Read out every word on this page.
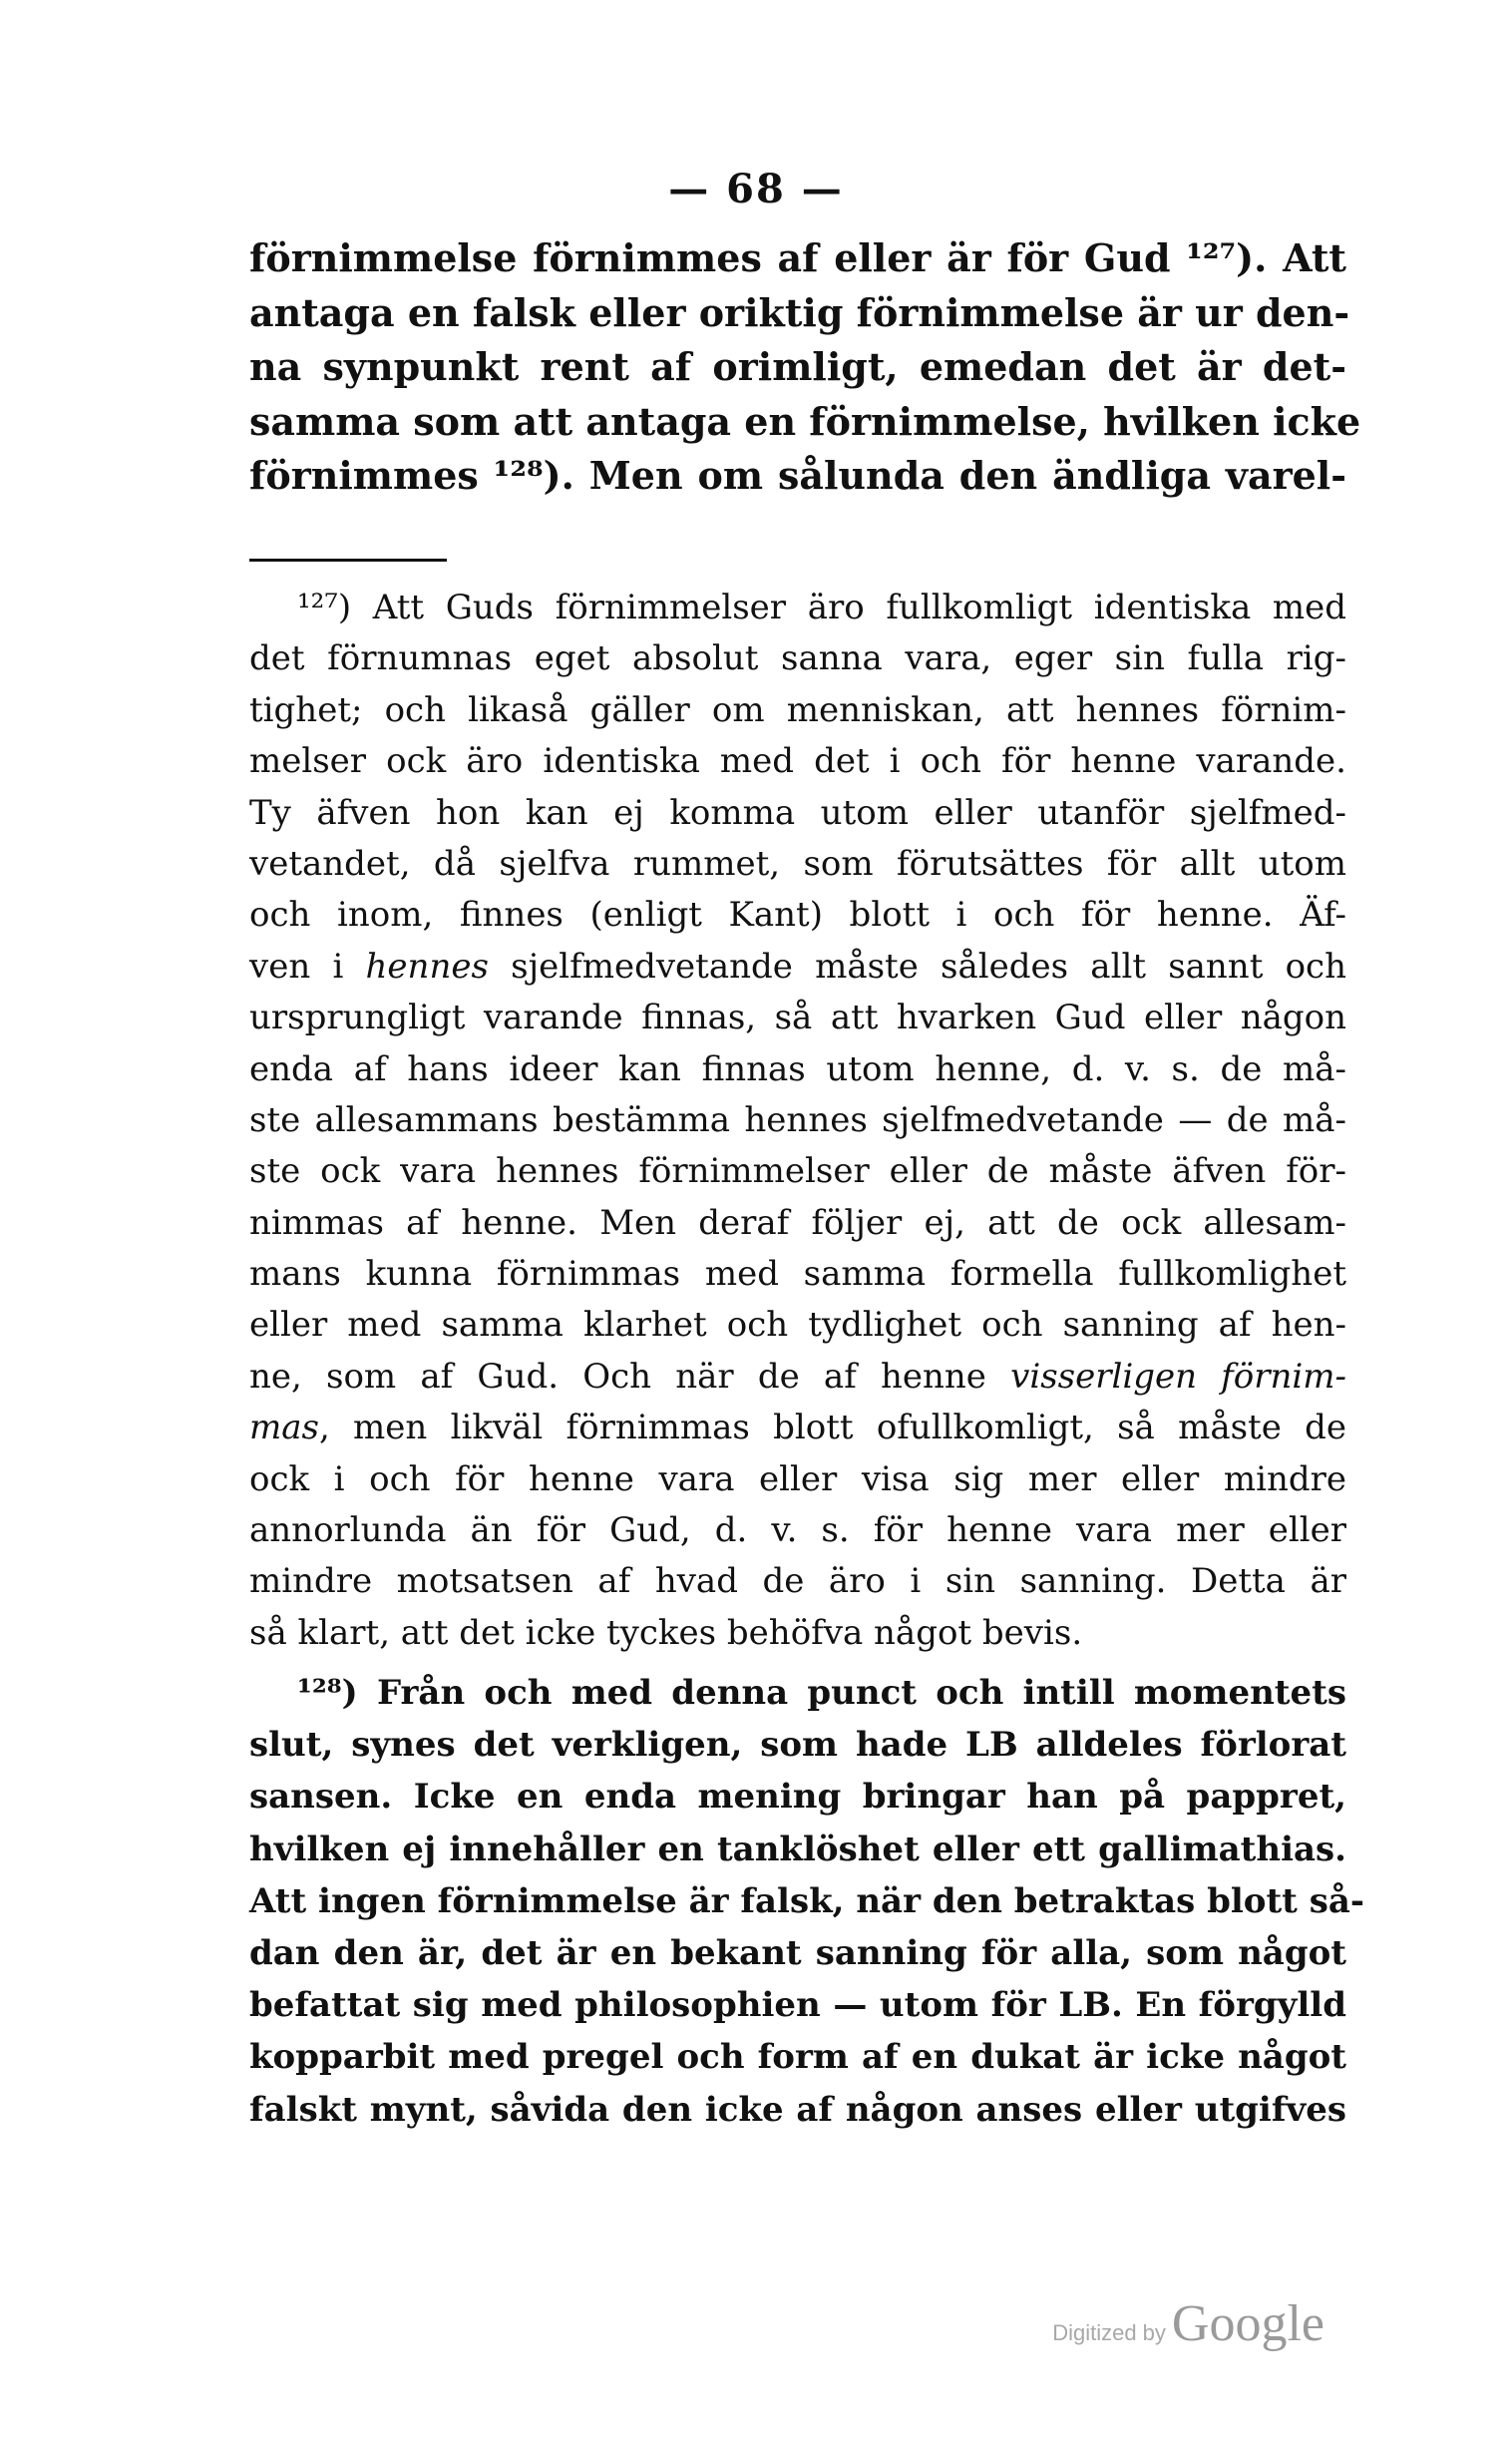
— 68 —
förnimmelse förnimmes af eller är för Gud ¹²⁷). Att
antaga en falsk eller oriktig förnimmelse är ur den-
na synpunkt rent af orimligt, emedan det är det-
samma som att antaga en förnimmelse, hvilken icke
förnimmes ¹²⁸). Men om sålunda den ändliga varel-
¹²⁷) Att Guds förnimmelser äro fullkomligt identiska med
det förnumnas eget absolut sanna vara, eger sin fulla rig-
tighet; och likaså gäller om menniskan, att hennes förnim-
melser ock äro identiska med det i och för henne varande.
Ty äfven hon kan ej komma utom eller utanför sjelfmed-
vetandet, då sjelfva rummet, som förutsättes för allt utom
och inom, finnes (enligt Kant) blott i och för henne. Äf-
ven i hennes sjelfmedvetande måste således allt sannt och
ursprungligt varande finnas, så att hvarken Gud eller någon
enda af hans ideer kan finnas utom henne, d. v. s. de må-
ste allesammans bestämma hennes sjelfmedvetande — de må-
ste ock vara hennes förnimmelser eller de måste äfven för-
nimmas af henne. Men deraf följer ej, att de ock allesam-
mans kunna förnimmas med samma formella fullkomlighet
eller med samma klarhet och tydlighet och sanning af hen-
ne, som af Gud. Och när de af henne visserligen förnim-
mas, men likväl förnimmas blott ofullkomligt, så måste de
ock i och för henne vara eller visa sig mer eller mindre
annorlunda än för Gud, d. v. s. för henne vara mer eller
mindre motsatsen af hvad de äro i sin sanning. Detta är
så klart, att det icke tyckes behöfva något bevis.
¹²⁸) Från och med denna punct och intill momentets
slut, synes det verkligen, som hade LB alldeles förlorat
sansen. Icke en enda mening bringar han på pappret,
hvilken ej innehåller en tanklöshet eller ett gallimathias.
Att ingen förnimmelse är falsk, när den betraktas blott så-
dan den är, det är en bekant sanning för alla, som något
befattat sig med philosophien — utom för LB. En förgylld
kopparbit med pregel och form af en dukat är icke något
falskt mynt, såvida den icke af någon anses eller utgifves
Digitized by Google
